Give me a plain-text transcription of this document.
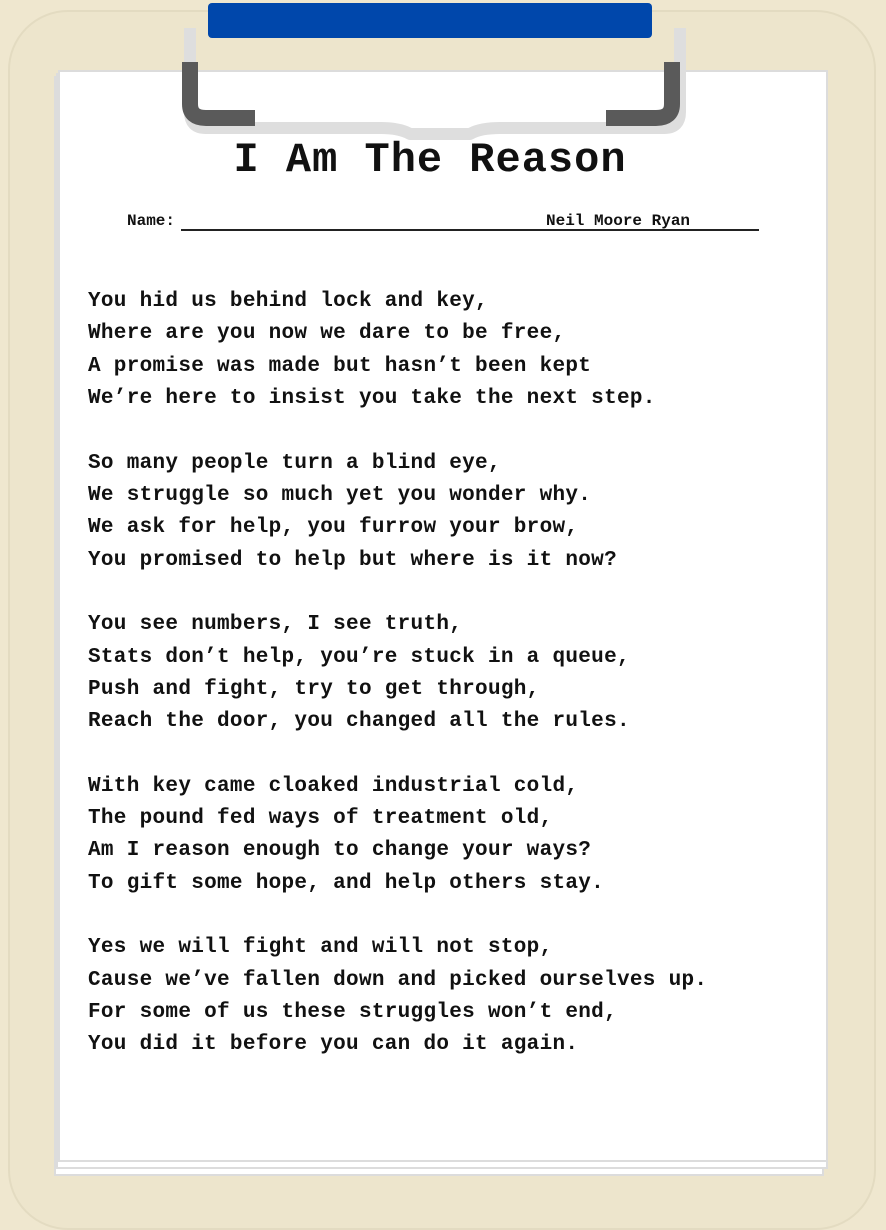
I Am The Reason
Name:	Neil Moore Ryan
You hid us behind lock and key,
Where are you now we dare to be free,
A promise was made but hasn’t been kept
We’re here to insist you take the next step.
So many people turn a blind eye,
We struggle so much yet you wonder why.
We ask for help, you furrow your brow,
You promised to help but where is it now?
You see numbers, I see truth,
Stats don’t help, you’re stuck in a queue,
Push and fight, try to get through,
Reach the door, you changed all the rules.
With key came cloaked industrial cold,
The pound fed ways of treatment old,
Am I reason enough to change your ways?
To gift some hope, and help others stay.
Yes we will fight and will not stop,
Cause we’ve fallen down and picked ourselves up.
For some of us these struggles won’t end,
You did it before you can do it again.
